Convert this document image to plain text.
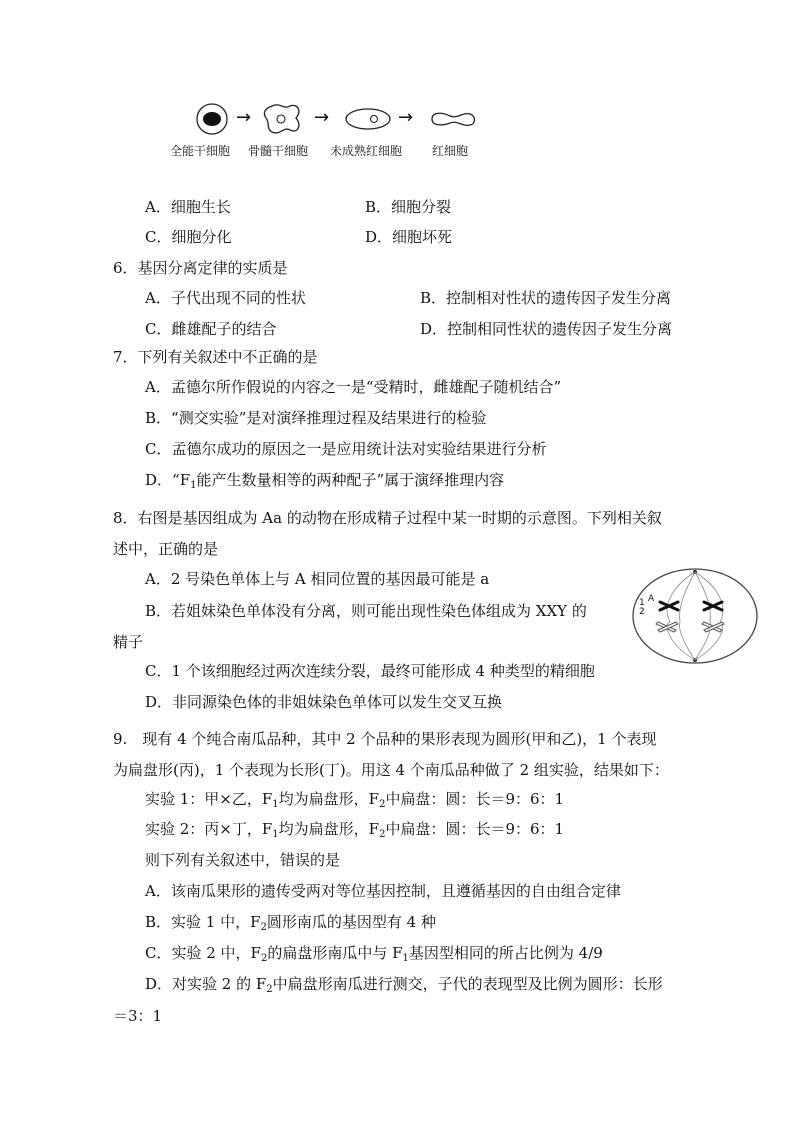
→	→	→
全能干细胞 骨髓干细胞 未成熟红细胞 红细胞
A．细胞生长	B．细胞分裂
C．细胞分化	D．细胞坏死
6．基因分离定律的实质是
A．子代出现不同的性状	B．控制相对性状的遗传因子发生分离
C．雌雄配子的结合	D．控制相同性状的遗传因子发生分离
7．下列有关叙述中不正确的是
A．孟德尔所作假说的内容之一是“受精时，雌雄配子随机结合”
B．“测交实验”是对演绎推理过程及结果进行的检验
C．孟德尔成功的原因之一是应用统计法对实验结果进行分析
D．“$F_1$能产生数量相等的两种配子”属于演绎推理内容
8．右图是基因组成为 Aa 的动物在形成精子过程中某一时期的示意图。下列相关叙
述中，正确的是
A．2 号染色单体上与 A 相同位置的基因最可能是 a
B．若姐妹染色单体没有分离，则可能出现性染色体组成为 XXY 的
精子
C．1 个该细胞经过两次连续分裂，最终可能形成 4 种类型的精细胞
D．非同源染色体的非姐妹染色单体可以发生交叉互换
1
2
A
9.　现有 4 个纯合南瓜品种，其中 2 个品种的果形表现为圆形(甲和乙)，1 个表现
为扁盘形(丙)，1 个表现为长形(丁)。用这 4 个南瓜品种做了 2 组实验，结果如下：
实验 1：甲×乙，$F_1$均为扁盘形，$F_2$中扁盘：圆：长＝9：6：1
实验 2：丙×丁，$F_1$均为扁盘形，$F_2$中扁盘：圆：长＝9：6：1
则下列有关叙述中，错误的是
A．该南瓜果形的遗传受两对等位基因控制，且遵循基因的自由组合定律
B．实验 1 中，$F_2$圆形南瓜的基因型有 4 种
C．实验 2 中，$F_2$的扁盘形南瓜中与 $F_1$基因型相同的所占比例为 4/9
D．对实验 2 的 $F_2$中扁盘形南瓜进行测交，子代的表现型及比例为圆形：长形
＝3：1
